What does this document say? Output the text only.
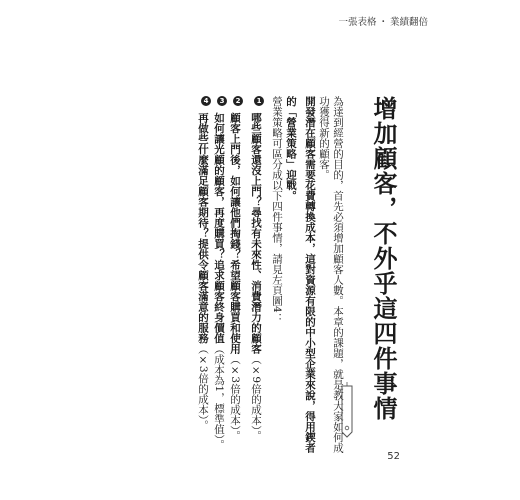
一張表格 ・ 業績翻倍
增加顧客，不外乎這四件事情
為達到經營的目的，首先必須增加顧客人數。本章的課題，就是教大家如何成
功獲得新的顧客。
開發潛在顧客需要花費轉換成本，這對資源有限的中小型企業來說，得用鍥者
的「營業策略」迎戰。
營業策略可區分成以下四件事情，請見左頁圖4：
1 哪些顧客還沒上門？尋找有未來性、消費潛力的顧客（×9倍的成本）。
2 顧客上門後，如何讓他們掏錢？希望顧客購買和使用（×3倍的成本）。
3 如何讓光顧的顧客，再度購買？追求顧客終身價值（成本為1，標準值）。
4 再做些什麼滿足顧客期待？提供令顧客滿意的服務（×3倍的成本）。
52
